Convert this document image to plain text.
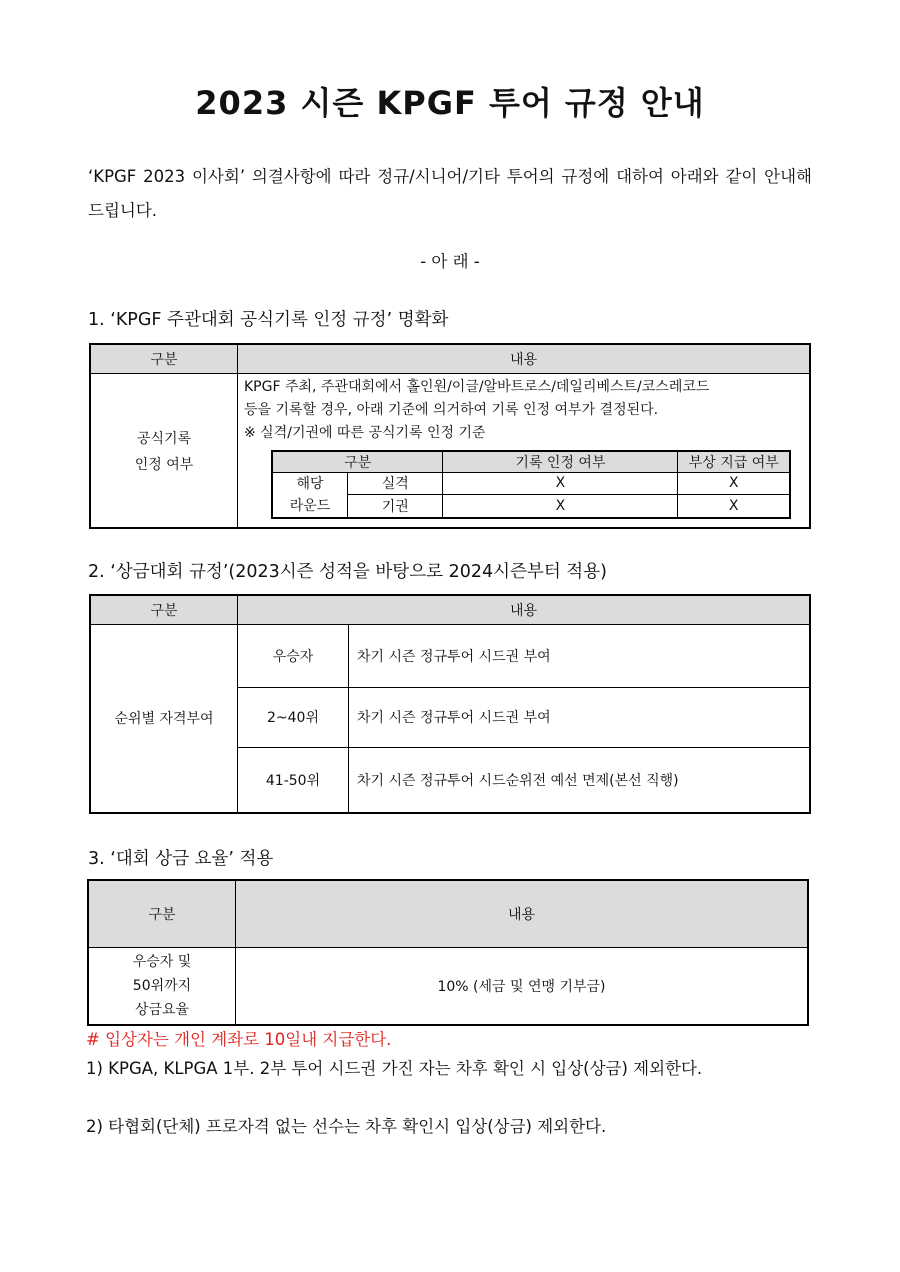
2023 시즌 KPGF 투어 규정 안내
‘KPGF 2023 이사회’ 의결사항에 따라 정규/시니어/기타 투어의 규정에 대하여 아래와 같이 안내해 드립니다.
- 아 래 -
1. ‘KPGF 주관대회 공식기록 인정 규정’ 명확화
구분	내용

공식기록
인정 여부

KPGF 주최, 주관대회에서 홀인원/이글/알바트로스/데일리베스트/코스레코드
등을 기록할 경우, 아래 기준에 의거하여 기록 인정 여부가 결정된다.
※ 실격/기권에 따른 공식기록 인정 기준
구분	기록 인정 여부	부상 지급 여부

해당
라운드
	실격	X	X
기권	X	X
2. ‘상금대회 규정’(2023시즌 성적을 바탕으로 2024시즌부터 적용)
구분	내용	
순위별 자격부여	우승자	차기 시즌 정규투어 시드권 부여
	2~40위	차기 시즌 정규투어 시드권 부여
	41-50위	차기 시즌 정규투어 시드순위전 예선 면제(본선 직행)
3. ‘대회 상금 요율’ 적용
구분	내용

우승자 및
50위까지
상금요율	10% (세금 및 연맹 기부금)
# 입상자는 개인 계좌로 10일내 지급한다.
1) KPGA, KLPGA 1부. 2부 투어 시드권 가진 자는 차후 확인 시 입상(상금) 제외한다.
2) 타협회(단체) 프로자격 없는 선수는 차후 확인시 입상(상금) 제외한다.
